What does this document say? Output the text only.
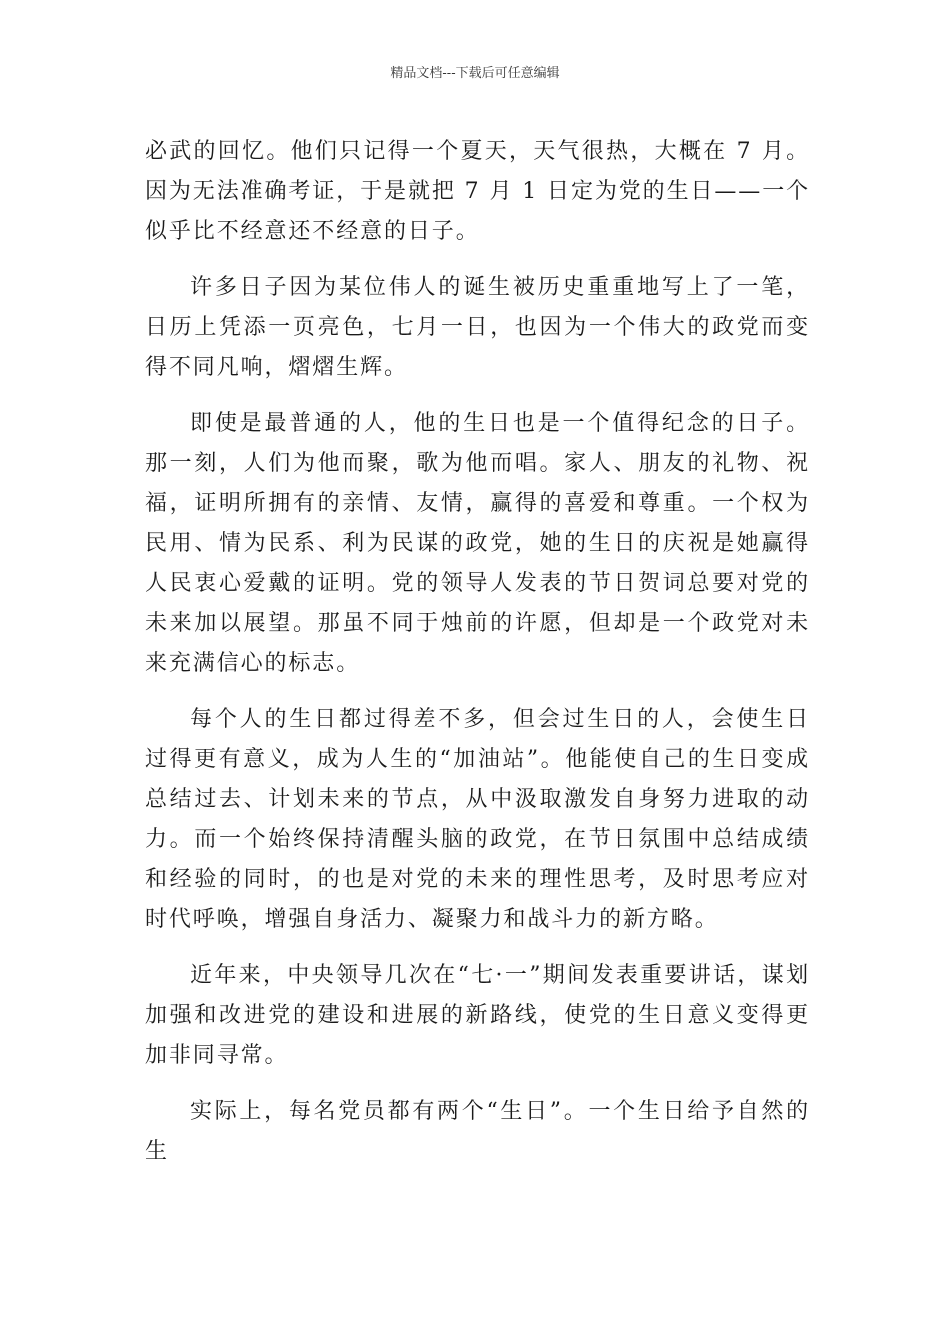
精品文档---下载后可任意编辑

必武的回忆。他们只记得一个夏天，天气很热，大概在 7 月。因为无法准确考证，于是就把 7 月 1 日定为党的生日——一个似乎比不经意还不经意的日子。

许多日子因为某位伟人的诞生被历史重重地写上了一笔，日历上凭添一页亮色，七月一日，也因为一个伟大的政党而变得不同凡响，熠熠生辉。

即使是最普通的人，他的生日也是一个值得纪念的日子。那一刻，人们为他而聚，歌为他而唱。家人、朋友的礼物、祝福，证明所拥有的亲情、友情，赢得的喜爱和尊重。一个权为民用、情为民系、利为民谋的政党，她的生日的庆祝是她赢得人民衷心爱戴的证明。党的领导人发表的节日贺词总要对党的未来加以展望。那虽不同于烛前的许愿，但却是一个政党对未来充满信心的标志。

每个人的生日都过得差不多，但会过生日的人，会使生日过得更有意义，成为人生的“加油站”。他能使自己的生日变成总结过去、计划未来的节点，从中汲取激发自身努力进取的动力。而一个始终保持清醒头脑的政党，在节日氛围中总结成绩和经验的同时，的也是对党的未来的理性思考，及时思考应对时代呼唤，增强自身活力、凝聚力和战斗力的新方略。

近年来，中央领导几次在“七·一”期间发表重要讲话，谋划加强和改进党的建设和进展的新路线，使党的生日意义变得更加非同寻常。

实际上，每名党员都有两个“生日”。一个生日给予自然的生
